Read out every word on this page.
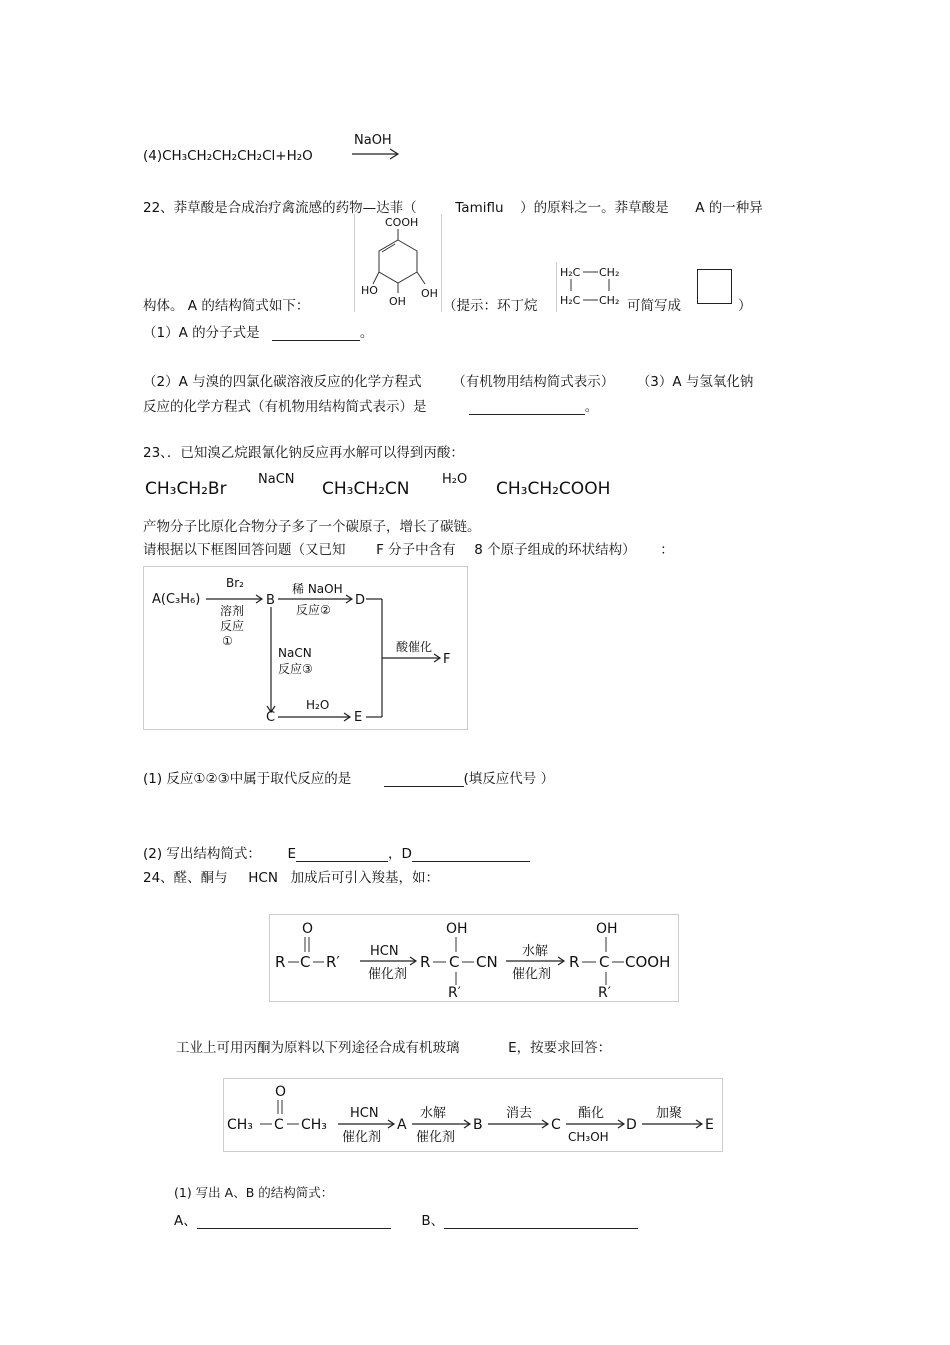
(4)CH₃CH₂CH₂CH₂Cl+H₂O
NaOH
22、莽草酸是合成治疗禽流感的药物—达菲（	Tamiflu ）的原料之一。莽草酸是 A 的一种异
COOH
HO
OH
OH
构体。 A 的结构简式如下：	（提示：环丁烷
H₂C CH₂
H₂C CH₂ 可简写成	）
（1）A 的分子式是	。
（2）A 与溴的四氯化碳溶液反应的化学方程式 （有机物用结构简式表示） （3）A 与氢氧化钠
反应的化学方程式（有机物用结构简式表示）是	。
23、．已知溴乙烷跟氰化钠反应再水解可以得到丙酸：
CH₃CH₂Br NaCN CH₃CH₂CN H₂O CH₃CH₂COOH
产物分子比原化合物分子多了一个碳原子，增长了碳链。
请根据以下框图回答问题（又已知 F 分子中含有 8 个原子组成的环状结构） ：
A(C₃H₆)
Br₂
溶剂
反应
①
B
稀 NaOH
反应②
D
NaCN
反应③
C
H₂O
E
酸催化
F
(1) 反应①②③中属于取代反应的是	(填反应代号 ）
(2) 写出结构简式： E	，D
24、醛、酮与 HCN 加成后可引入羧基，如：
O
R C R′
HCN
催化剂
OH
R C CN
R′
水解
催化剂
OH
R C COOH
R′
工业上可用丙酮为原料以下列途径合成有机玻璃	E，按要求回答：
O
CH₃ C CH₃
HCN
催化剂
A
水解
催化剂
B
消去
C
酯化
CH₃OH
D
加聚
E
(1) 写出 A、B 的结构简式：
A、	B、
